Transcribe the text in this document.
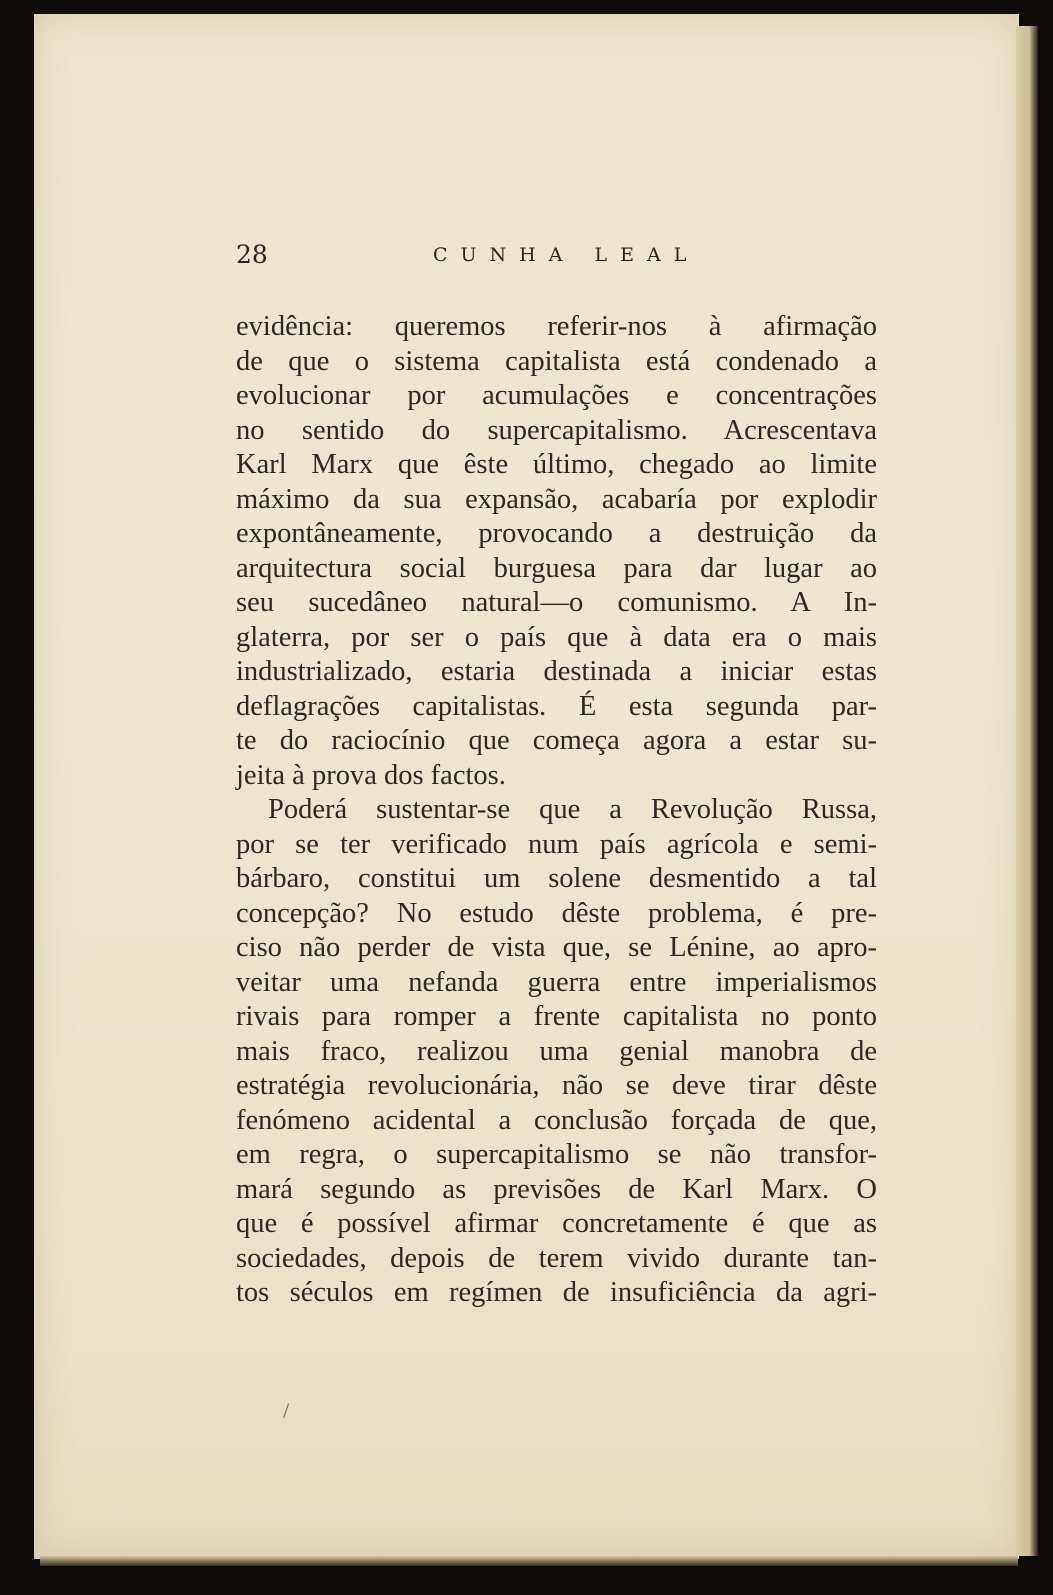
28	CUNHA LEAL
evidência: queremos referir-nos à afirmação
de que o sistema capitalista está condenado a
evolucionar por acumulações e concentrações
no sentido do supercapitalismo. Acrescentava
Karl Marx que êste último, chegado ao limite
máximo da sua expansão, acabaría por explodir
expontâneamente, provocando a destruição da
arquitectura social burguesa para dar lugar ao
seu sucedâneo natural—o comunismo. A In-
glaterra, por ser o país que à data era o mais
industrializado, estaria destinada a iniciar estas
deflagrações capitalistas. É esta segunda par-
te do raciocínio que começa agora a estar su-
jeita à prova dos factos.
Poderá sustentar-se que a Revolução Russa,
por se ter verificado num país agrícola e semi-
bárbaro, constitui um solene desmentido a tal
concepção? No estudo dêste problema, é pre-
ciso não perder de vista que, se Lénine, ao apro-
veitar uma nefanda guerra entre imperialismos
rivais para romper a frente capitalista no ponto
mais fraco, realizou uma genial manobra de
estratégia revolucionária, não se deve tirar dêste
fenómeno acidental a conclusão forçada de que,
em regra, o supercapitalismo se não transfor-
mará segundo as previsões de Karl Marx. O
que é possível afirmar concretamente é que as
sociedades, depois de terem vivido durante tan-
tos séculos em regímen de insuficiência da agri-
/
